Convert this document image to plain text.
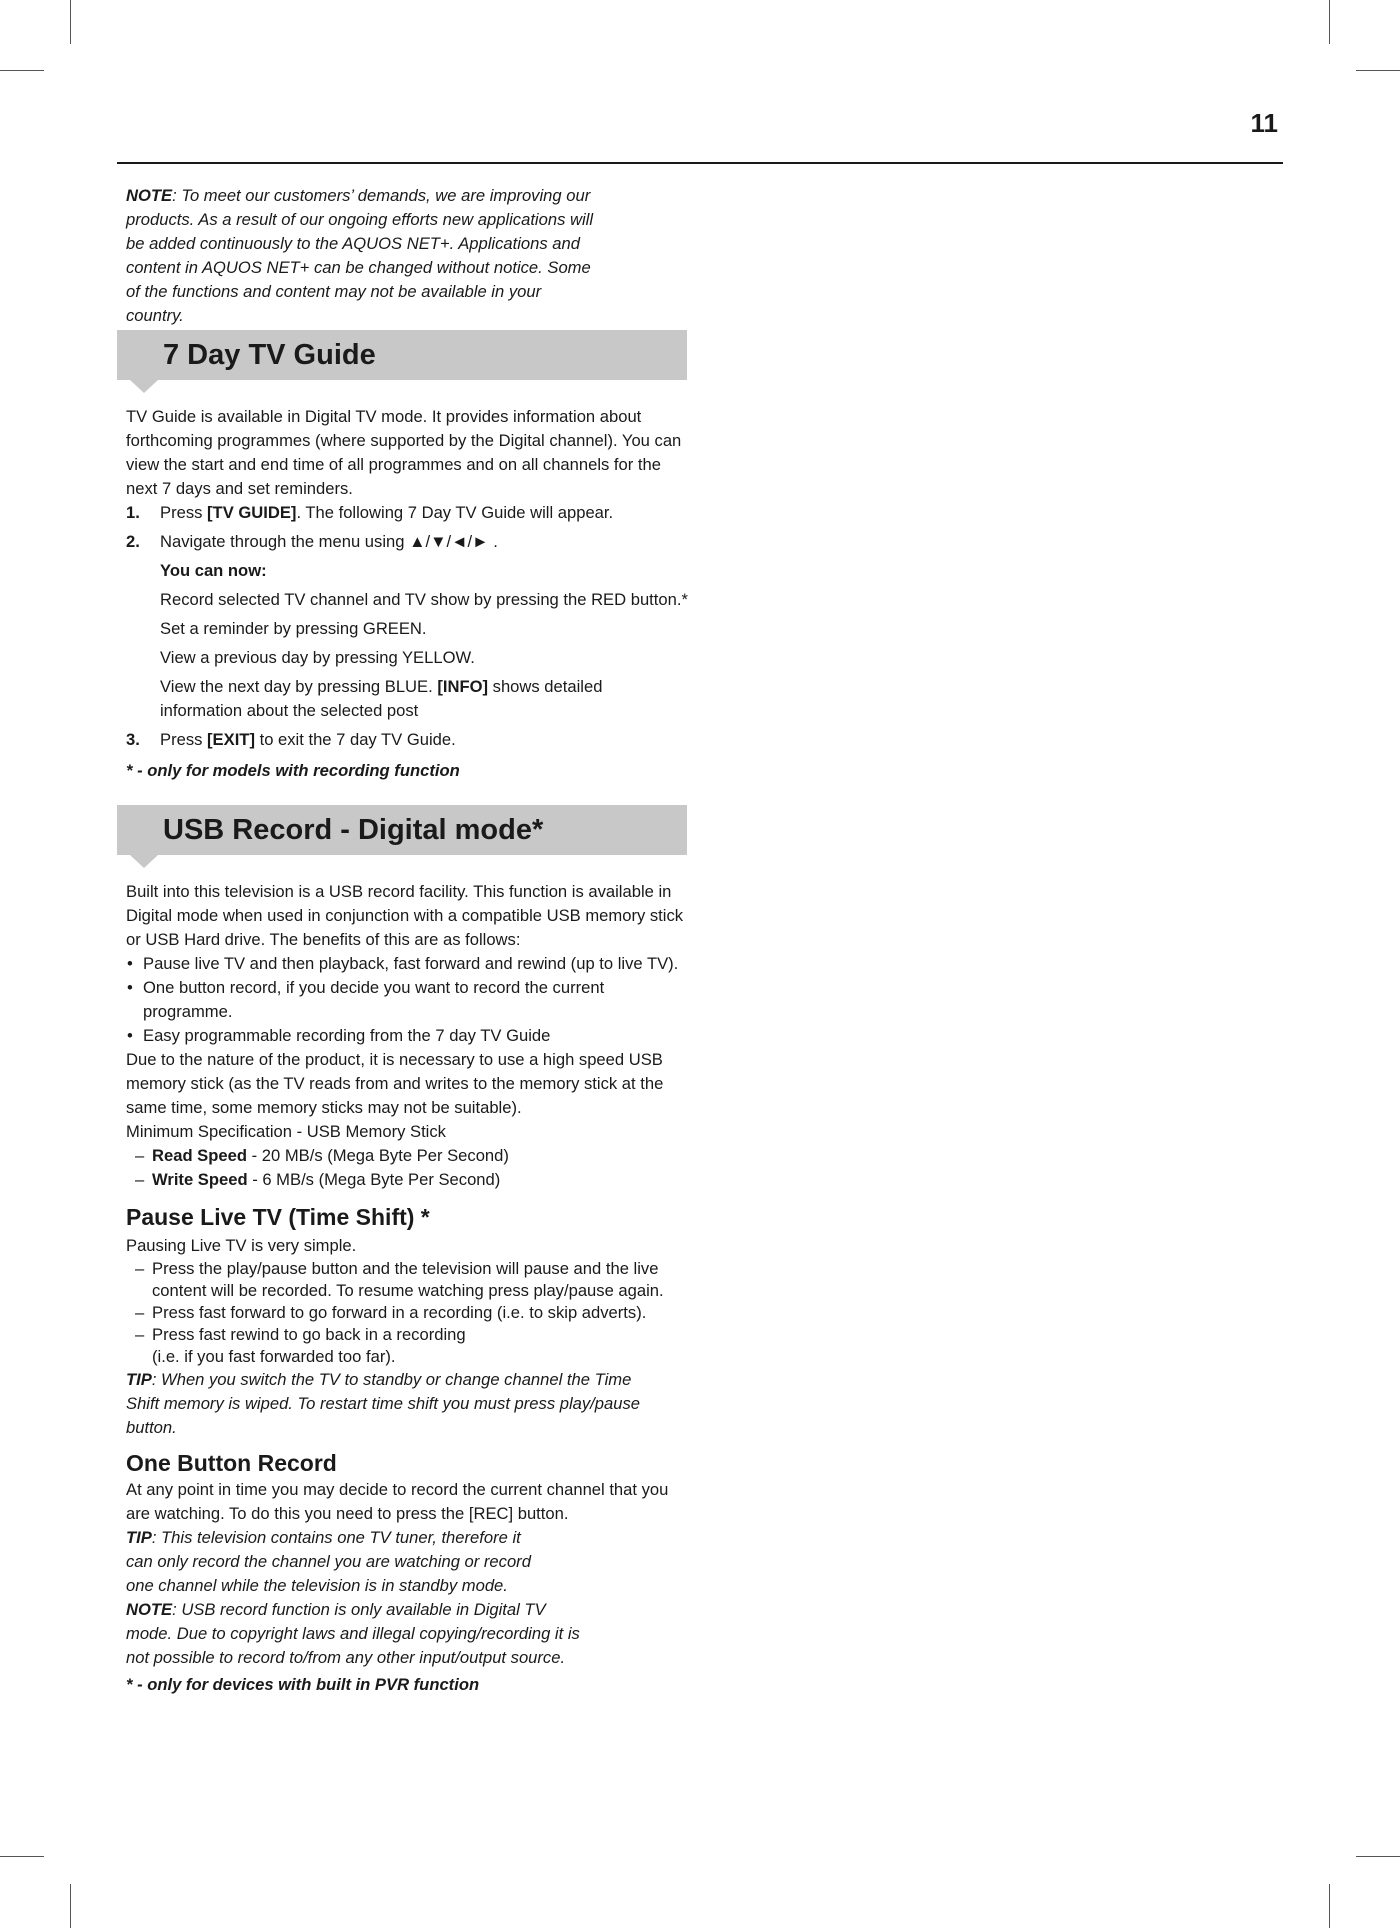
11
NOTE: To meet our customers’ demands, we are improving our products. As a result of our ongoing efforts new applications will be added continuously to the AQUOS NET+. Applications and content in AQUOS NET+ can be changed without notice. Some of the functions and content may not be available in your country.
7 Day TV Guide
TV Guide is available in Digital TV mode. It provides information about forthcoming programmes (where supported by the Digital channel). You can view the start and end time of all programmes and on all channels for the next 7 days and set reminders.
1. Press [TV GUIDE]. The following 7 Day TV Guide will appear.
2. Navigate through the menu using ▲/▼/◄/► .
You can now:
Record selected TV channel and TV show by pressing the RED button.*
Set a reminder by pressing GREEN.
View a previous day by pressing YELLOW.
View the next day by pressing BLUE. [INFO] shows detailed information about the selected post
3. Press [EXIT] to exit the 7 day TV Guide.
* - only for models with recording function
USB Record - Digital mode*
Built into this television is a USB record facility. This function is available in Digital mode when used in conjunction with a compatible USB memory stick or USB Hard drive. The benefits of this are as follows:
• Pause live TV and then playback, fast forward and rewind (up to live TV).
• One button record, if you decide you want to record the current programme.
• Easy programmable recording from the 7 day TV Guide
Due to the nature of the product, it is necessary to use a high speed USB memory stick (as the TV reads from and writes to the memory stick at the same time, some memory sticks may not be suitable).
Minimum Specification - USB Memory Stick
– Read Speed - 20 MB/s (Mega Byte Per Second)
– Write Speed - 6 MB/s (Mega Byte Per Second)
Pause Live TV (Time Shift) *
Pausing Live TV is very simple.
– Press the play/pause button and the television will pause and the live content will be recorded. To resume watching press play/pause again.
– Press fast forward to go forward in a recording (i.e. to skip adverts).
– Press fast rewind to go back in a recording (i.e. if you fast forwarded too far).
TIP: When you switch the TV to standby or change channel the Time Shift memory is wiped. To restart time shift you must press play/pause button.
One Button Record
At any point in time you may decide to record the current channel that you are watching. To do this you need to press the [REC] button.
TIP: This television contains one TV tuner, therefore it can only record the channel you are watching or record one channel while the television is in standby mode.
NOTE: USB record function is only available in Digital TV mode. Due to copyright laws and illegal copying/recording it is not possible to record to/from any other input/output source.
* - only for devices with built in PVR function
